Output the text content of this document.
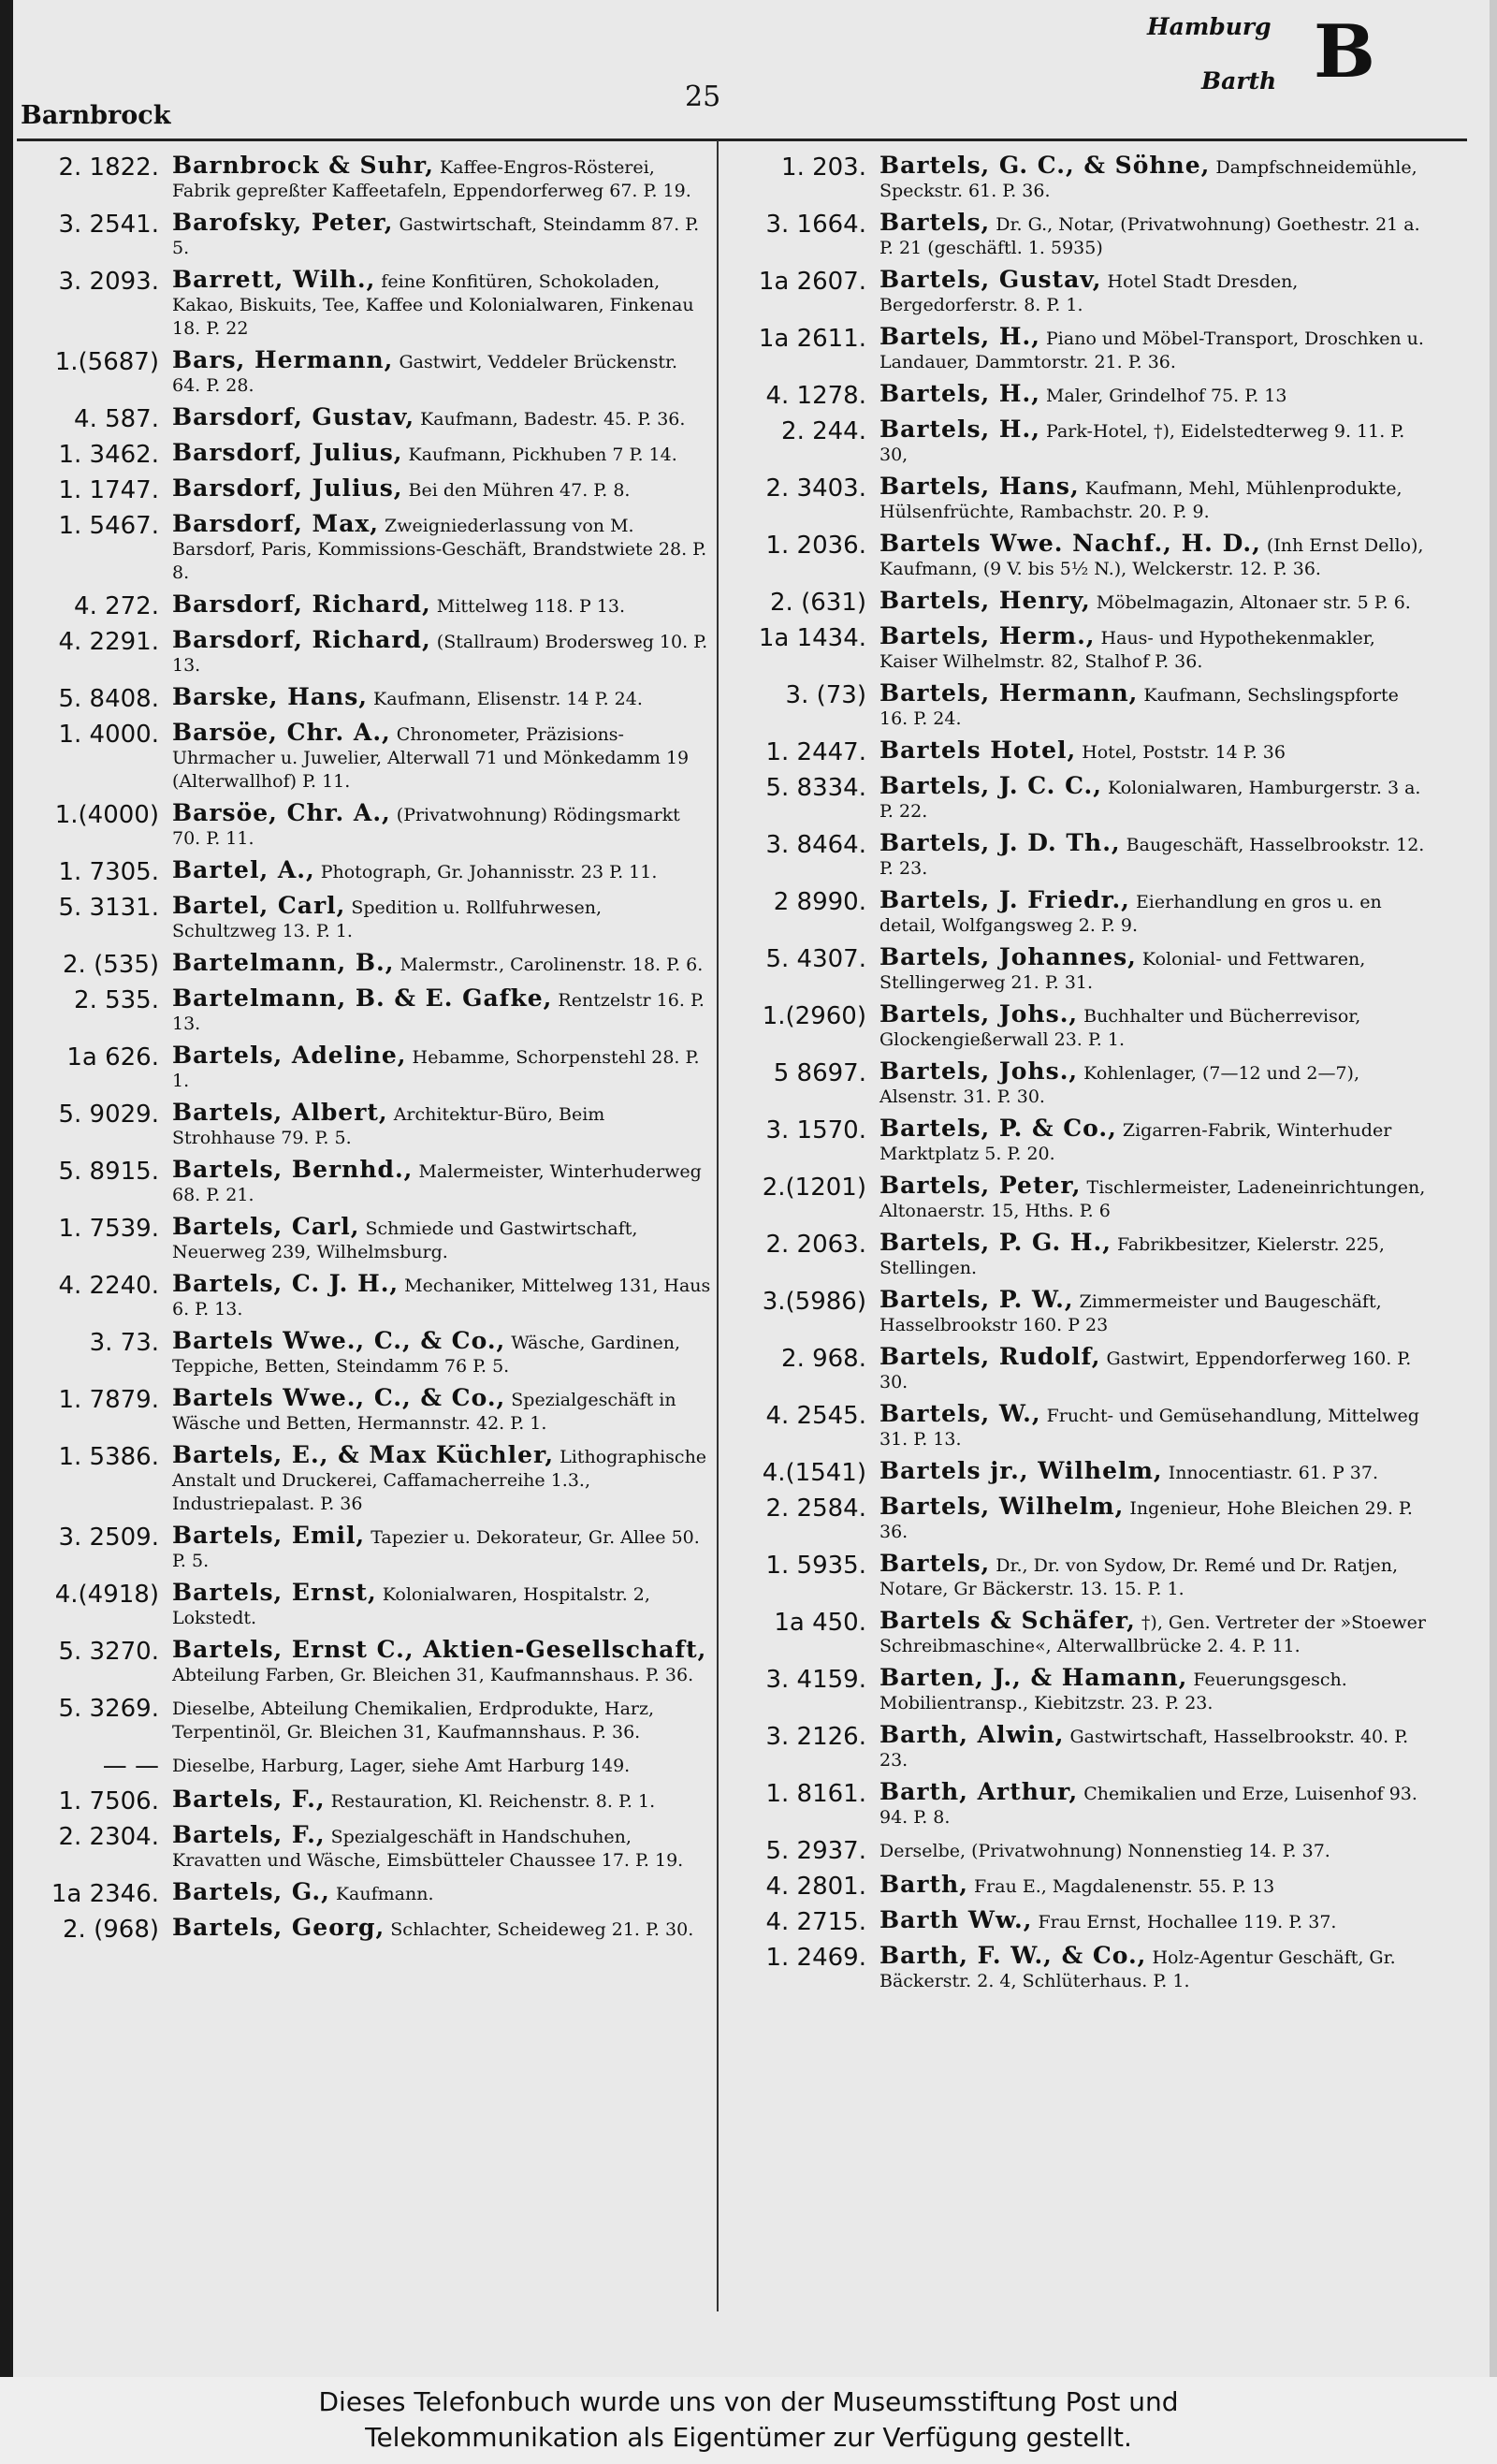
Barnbrock
25
Hamburg
Barth B
2. 1822. Barnbrock & Suhr, Kaffee-Engros-Rösterei, Fabrik gepreßter Kaffeetafeln, Eppendorferweg 67. P. 19.
3. 2541. Barofsky, Peter, Gastwirtschaft, Steindamm 87. P. 5.
3. 2093. Barrett, Wilh., feine Konfitüren, Schokoladen, Kakao, Biskuits, Tee, Kaffee und Kolonialwaren, Finkenau 18. P. 22
1.(5687) Bars, Hermann, Gastwirt, Veddeler Brückenstr. 64. P. 28.
4. 587. Barsdorf, Gustav, Kaufmann, Badestr. 45. P. 36.
1. 3462. Barsdorf, Julius, Kaufmann, Pickhuben 7 P. 14.
1. 1747. Barsdorf, Julius, Bei den Mühren 47. P. 8.
1. 5467. Barsdorf, Max, Zweigniederlassung von M. Barsdorf, Paris, Kommissions-Geschäft, Brandstwiete 28. P. 8.
4. 272. Barsdorf, Richard, Mittelweg 118. P 13.
4. 2291. Barsdorf, Richard, (Stallraum) Brodersweg 10. P. 13.
5. 8408. Barske, Hans, Kaufmann, Elisenstr. 14 P. 24.
1. 4000. Barsöe, Chr. A., Chronometer, Präzisions-Uhrmacher u. Juwelier, Alterwall 71 und Mönkedamm 19 (Alterwallhof) P. 11.
1.(4000) Barsöe, Chr. A., (Privatwohnung) Rödingsmarkt 70. P. 11.
1. 7305. Bartel, A., Photograph, Gr. Johannisstr. 23 P. 11.
5. 3131. Bartel, Carl, Spedition u. Rollfuhrwesen, Schultzweg 13. P. 1.
2. (535) Bartelmann, B., Malermstr., Carolinenstr. 18. P. 6.
2. 535. Bartelmann, B. & E. Gafke, Rentzelstr 16. P. 13.
1a 626. Bartels, Adeline, Hebamme, Schorpenstehl 28. P. 1.
5. 9029. Bartels, Albert, Architektur-Büro, Beim Strohhause 79. P. 5.
5. 8915. Bartels, Bernhd., Malermeister, Winterhuderweg 68. P. 21.
1. 7539. Bartels, Carl, Schmiede und Gastwirtschaft, Neuerweg 239, Wilhelmsburg.
4. 2240. Bartels, C. J. H., Mechaniker, Mittelweg 131, Haus 6. P. 13.
3. 73. Bartels Wwe., C., & Co., Wäsche, Gardinen, Teppiche, Betten, Steindamm 76 P. 5.
1. 7879. Bartels Wwe., C., & Co., Spezialgeschäft in Wäsche und Betten, Hermannstr. 42. P. 1.
1. 5386. Bartels, E., & Max Küchler, Lithographische Anstalt und Druckerei, Caffamacherreihe 1.3., Industriepalast. P. 36
3. 2509. Bartels, Emil, Tapezier u. Dekorateur, Gr. Allee 50. P. 5.
4.(4918) Bartels, Ernst, Kolonialwaren, Hospitalstr. 2, Lokstedt.
5. 3270. Bartels, Ernst C., Aktien-Gesellschaft, Abteilung Farben, Gr. Bleichen 31, Kaufmannshaus. P. 36.
5. 3269. Dieselbe, Abteilung Chemikalien, Erdprodukte, Harz, Terpentinöl, Gr. Bleichen 31, Kaufmannshaus. P. 36.
— — Dieselbe, Harburg, Lager, siehe Amt Harburg 149.
1. 7506. Bartels, F., Restauration, Kl. Reichenstr. 8. P. 1.
2. 2304. Bartels, F., Spezialgeschäft in Handschuhen, Kravatten und Wäsche, Eimsbütteler Chaussee 17. P. 19.
1a 2346. Bartels, G., Kaufmann.
2. (968) Bartels, Georg, Schlachter, Scheideweg 21. P. 30.
1. 203. Bartels, G. C., & Söhne, Dampfschneidemühle, Speckstr. 61. P. 36.
3. 1664. Bartels, Dr. G., Notar, (Privatwohnung) Goethestr. 21 a. P. 21 (geschäftl. 1. 5935)
1a 2607. Bartels, Gustav, Hotel Stadt Dresden, Bergedorferstr. 8. P. 1.
1a 2611. Bartels, H., Piano und Möbel-Transport, Droschken u. Landauer, Dammtorstr. 21. P. 36.
4. 1278. Bartels, H., Maler, Grindelhof 75. P. 13
2. 244. Bartels, H., Park-Hotel, †), Eidelstedterweg 9. 11. P. 30,
2. 3403. Bartels, Hans, Kaufmann, Mehl, Mühlenprodukte, Hülsenfrüchte, Rambachstr. 20. P. 9.
1. 2036. Bartels Wwe. Nachf., H. D., (Inh Ernst Dello), Kaufmann, (9 V. bis 5½ N.), Welckerstr. 12. P. 36.
2. (631) Bartels, Henry, Möbelmagazin, Altonaer str. 5 P. 6.
1a 1434. Bartels, Herm., Haus- und Hypothekenmakler, Kaiser Wilhelmstr. 82, Stalhof P. 36.
3. (73) Bartels, Hermann, Kaufmann, Sechslingspforte 16. P. 24.
1. 2447. Bartels Hotel, Hotel, Poststr. 14 P. 36
5. 8334. Bartels, J. C. C., Kolonialwaren, Hamburgerstr. 3 a. P. 22.
3. 8464. Bartels, J. D. Th., Baugeschäft, Hasselbrookstr. 12. P. 23.
2 8990. Bartels, J. Friedr., Eierhandlung en gros u. en detail, Wolfgangsweg 2. P. 9.
5. 4307. Bartels, Johannes, Kolonial- und Fettwaren, Stellingerweg 21. P. 31.
1.(2960) Bartels, Johs., Buchhalter und Bücherrevisor, Glockengießerwall 23. P. 1.
5 8697. Bartels, Johs., Kohlenlager, (7—12 und 2—7), Alsenstr. 31. P. 30.
3. 1570. Bartels, P. & Co., Zigarren-Fabrik, Winterhuder Marktplatz 5. P. 20.
2.(1201) Bartels, Peter, Tischlermeister, Ladeneinrichtungen, Altonaerstr. 15, Hths. P. 6
2. 2063. Bartels, P. G. H., Fabrikbesitzer, Kielerstr. 225, Stellingen.
3.(5986) Bartels, P. W., Zimmermeister und Baugeschäft, Hasselbrookstr 160. P 23
2. 968. Bartels, Rudolf, Gastwirt, Eppendorferweg 160. P. 30.
4. 2545. Bartels, W., Frucht- und Gemüsehandlung, Mittelweg 31. P. 13.
4.(1541) Bartels jr., Wilhelm, Innocentiastr. 61. P 37.
2. 2584. Bartels, Wilhelm, Ingenieur, Hohe Bleichen 29. P. 36.
1. 5935. Bartels, Dr., Dr. von Sydow, Dr. Remé und Dr. Ratjen, Notare, Gr Bäckerstr. 13. 15. P. 1.
1a 450. Bartels & Schäfer, †), Gen. Vertreter der »Stoewer Schreibmaschine«, Alterwallbrücke 2. 4. P. 11.
3. 4159. Barten, J., & Hamann, Feuerungsgesch. Mobilientransp., Kiebitzstr. 23. P. 23.
3. 2126. Barth, Alwin, Gastwirtschaft, Hasselbrookstr. 40. P. 23.
1. 8161. Barth, Arthur, Chemikalien und Erze, Luisenhof 93. 94. P. 8.
5. 2937. Derselbe, (Privatwohnung) Nonnenstieg 14. P. 37.
4. 2801. Barth, Frau E., Magdalenenstr. 55. P. 13
4. 2715. Barth Ww., Frau Ernst, Hochallee 119. P. 37.
1. 2469. Barth, F. W., & Co., Holz-Agentur Geschäft, Gr. Bäckerstr. 2. 4, Schlüterhaus. P. 1.
Dieses Telefonbuch wurde uns von der Museumsstiftung Post und
Telekommunikation als Eigentümer zur Verfügung gestellt.
